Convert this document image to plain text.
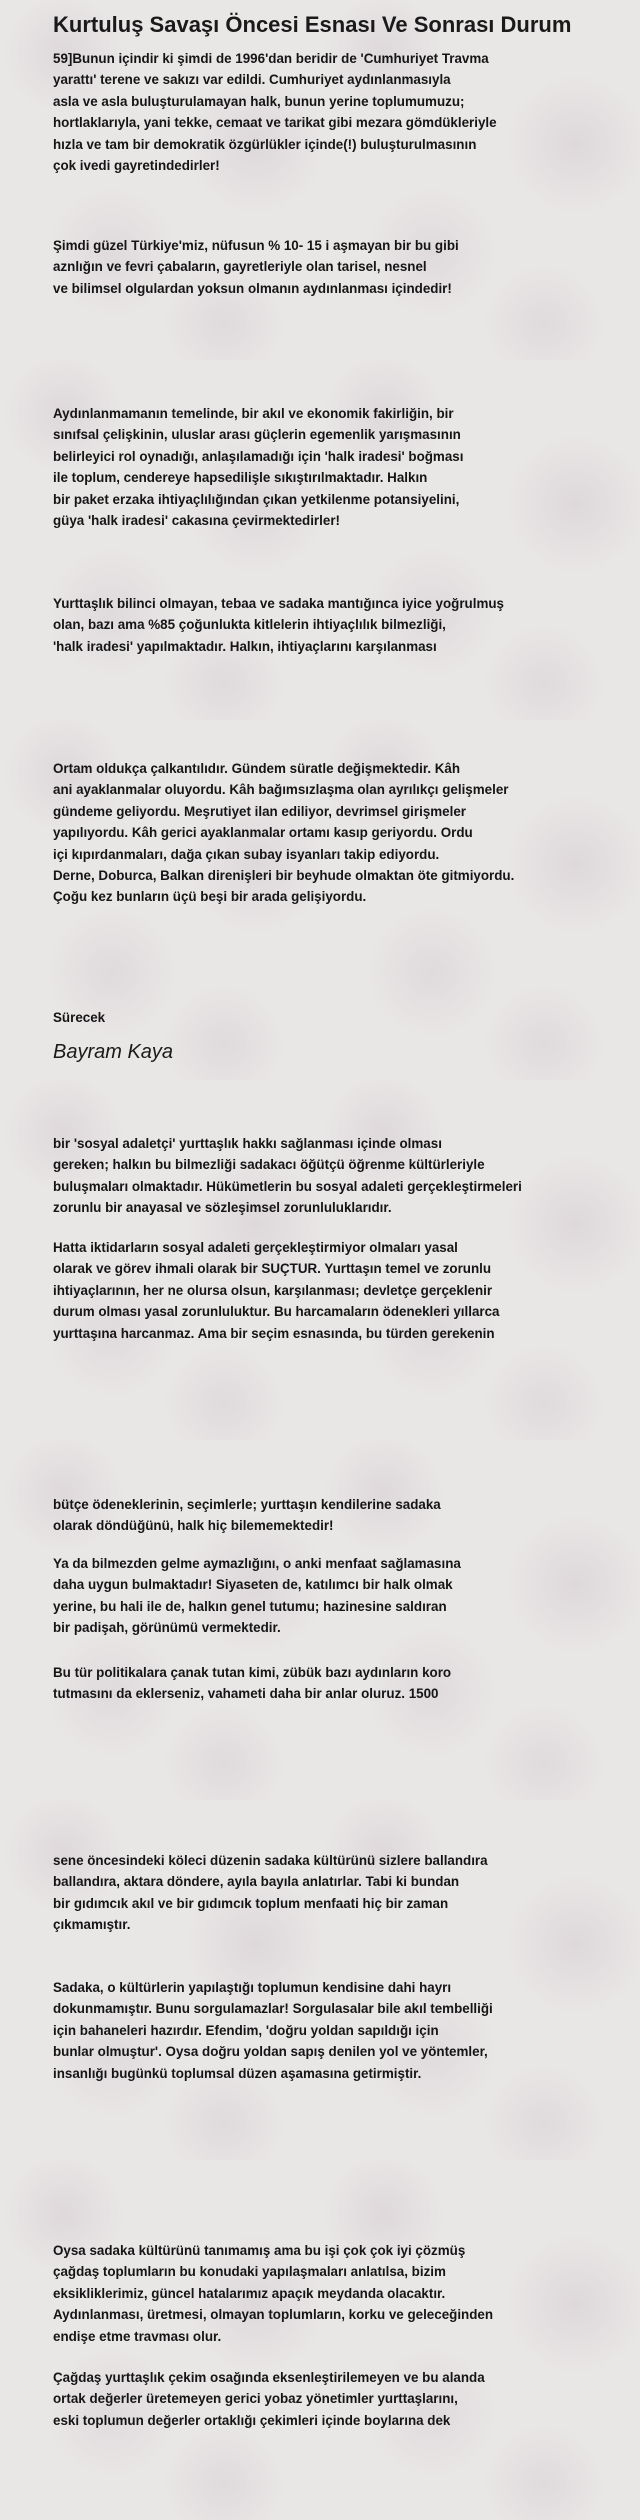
Kurtuluş Savaşı Öncesi Esnası Ve Sonrası Durum

59]Bunun içindir ki şimdi de 1996'dan beridir de 'Cumhuriyet Travma
yarattı' terene ve sakızı var edildi. Cumhuriyet aydınlanmasıyla
asla ve asla buluşturulamayan halk, bunun yerine toplumumuzu;
hortlaklarıyla, yani tekke, cemaat ve tarikat gibi mezara gömdükleriyle
hızla ve tam bir demokratik özgürlükler içinde(!) buluşturulmasının
çok ivedi gayretindedirler!

Şimdi güzel Türkiye'miz, nüfusun % 10- 15 i aşmayan bir bu gibi
aznlığın ve fevri çabaların, gayretleriyle olan tarisel, nesnel
ve bilimsel olgulardan yoksun olmanın aydınlanması içindedir!

Aydınlanmamanın temelinde, bir akıl ve ekonomik fakirliğin, bir
sınıfsal çelişkinin, uluslar arası güçlerin egemenlik yarışmasının
belirleyici rol oynadığı, anlaşılamadığı için 'halk iradesi' boğması
ile toplum, cendereye hapsedilişle sıkıştırılmaktadır. Halkın
bir paket erzaka ihtiyaçlılığından çıkan yetkilenme potansiyelini,
güya 'halk iradesi' cakasına çevirmektedirler!

Yurttaşlık bilinci olmayan, tebaa ve sadaka mantığınca iyice yoğrulmuş
olan, bazı ama %85 çoğunlukta kitlelerin ihtiyaçlılık bilmezliği,
'halk iradesi' yapılmaktadır. Halkın, ihtiyaçlarını karşılanması

Ortam oldukça çalkantılıdır. Gündem süratle değişmektedir. Kâh
ani ayaklanmalar oluyordu. Kâh bağımsızlaşma olan ayrılıkçı gelişmeler
gündeme geliyordu. Meşrutiyet ilan ediliyor, devrimsel girişmeler
yapılıyordu. Kâh gerici ayaklanmalar ortamı kasıp geriyordu. Ordu
içi kıpırdanmaları, dağa çıkan subay isyanları takip ediyordu.
Derne, Doburca, Balkan direnişleri bir beyhude olmaktan öte gitmiyordu.
Çoğu kez bunların üçü beşi bir arada gelişiyordu.

Sürecek
Bayram Kaya

bir 'sosyal adaletçi' yurttaşlık hakkı sağlanması içinde olması
gereken; halkın bu bilmezliği sadakacı öğütçü öğrenme kültürleriyle
buluşmaları olmaktadır. Hükümetlerin bu sosyal adaleti gerçekleştirmeleri
zorunlu bir anayasal ve sözleşimsel zorunluluklarıdır.

Hatta iktidarların sosyal adaleti gerçekleştirmiyor olmaları yasal
olarak ve görev ihmali olarak bir SUÇTUR. Yurttaşın temel ve zorunlu
ihtiyaçlarının, her ne olursa olsun, karşılanması; devletçe gerçeklenir
durum olması yasal zorunluluktur. Bu harcamaların ödenekleri yıllarca
yurttaşına harcanmaz. Ama bir seçim esnasında, bu türden gerekenin

bütçe ödeneklerinin, seçimlerle; yurttaşın kendilerine sadaka
olarak döndüğünü, halk hiç bilememektedir!

Ya da bilmezden gelme aymazlığını, o anki menfaat sağlamasına
daha uygun bulmaktadır! Siyaseten de, katılımcı bir halk olmak
yerine, bu hali ile de, halkın genel tutumu; hazinesine saldıran
bir padişah, görünümü vermektedir.

Bu tür politikalara çanak tutan kimi, zübük bazı aydınların koro
tutmasını da eklerseniz, vahameti daha bir anlar oluruz. 1500

sene öncesindeki köleci düzenin sadaka kültürünü sizlere ballandıra
ballandıra, aktara döndere, ayıla bayıla anlatırlar. Tabi ki bundan
bir gıdımcık akıl ve bir gıdımcık toplum menfaati hiç bir zaman
çıkmamıştır.

Sadaka, o kültürlerin yapılaştığı toplumun kendisine dahi hayrı
dokunmamıştır. Bunu sorgulamazlar! Sorgulasalar bile akıl tembelliği
için bahaneleri hazırdır. Efendim, 'doğru yoldan sapıldığı için
bunlar olmuştur'. Oysa doğru yoldan sapış denilen yol ve yöntemler,
insanlığı bugünkü toplumsal düzen aşamasına getirmiştir.

Oysa sadaka kültürünü tanımamış ama bu işi çok çok iyi çözmüş
çağdaş toplumların bu konudaki yapılaşmaları anlatılsa, bizim
eksikliklerimiz, güncel hatalarımız apaçık meydanda olacaktır.
Aydınlanması, üretmesi, olmayan toplumların, korku ve geleceğinden
endişe etme travması olur.

Çağdaş yurttaşlık çekim osağında eksenleştirilemeyen ve bu alanda
ortak değerler üretemeyen gerici yobaz yönetimler yurttaşlarını,
eski toplumun değerler ortaklığı çekimleri içinde boylarına dek
